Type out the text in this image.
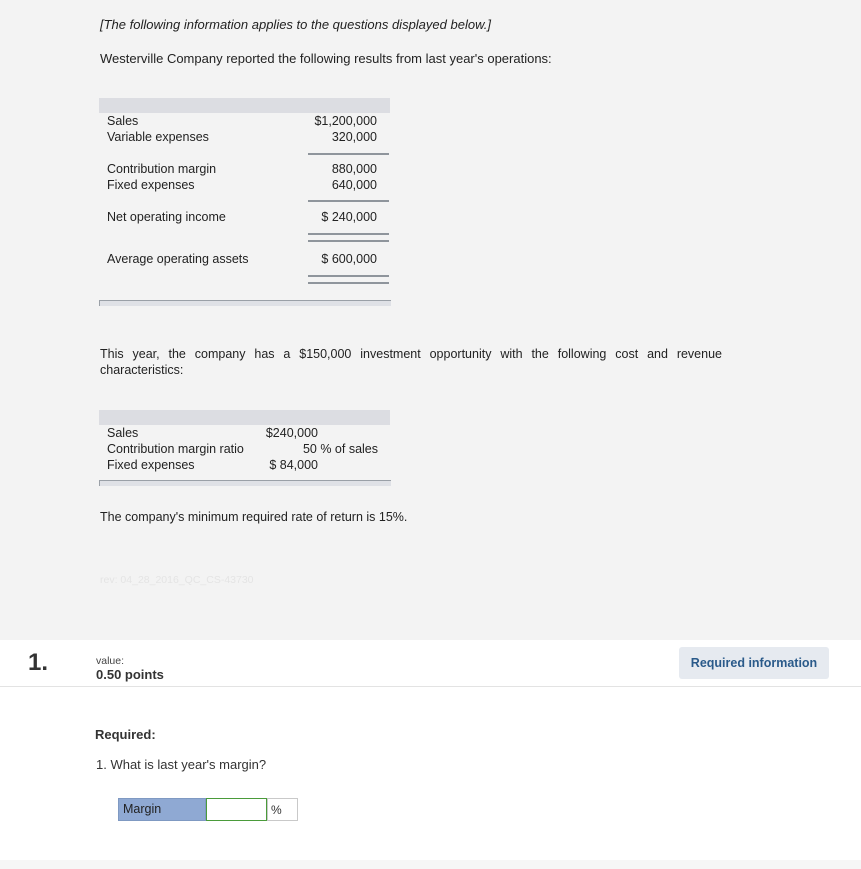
[The following information applies to the questions displayed below.]
Westerville Company reported the following results from last year's operations:
Sales	$1,200,000
Variable expenses	320,000
Contribution margin	880,000
Fixed expenses	640,000
Net operating income	$ 240,000
Average operating assets	$ 600,000
This year, the company has a $150,000 investment opportunity with the following cost and revenue characteristics:
Sales	$240,000
Contribution margin ratio	50 % of sales
Fixed expenses	$ 84,000
The company's minimum required rate of return is 15%.
rev: 04_28_2016_QC_CS-43730
1.	value:
0.50 points
Required information
Required:
1. What is last year's margin?
Margin	%
